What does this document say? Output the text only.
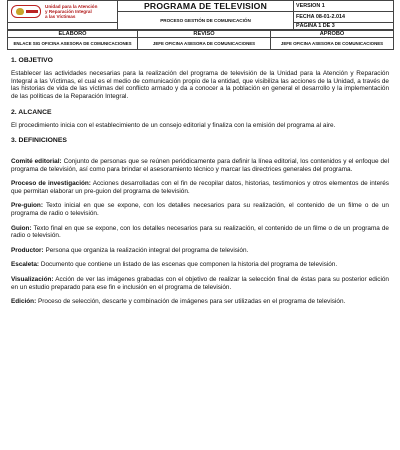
Unidad para la Atención
y Reparación Integral
a las Víctimas	PROGRAMA DE TELEVISION	VERSION 1
	PROCESO GESTIÓN DE COMUNICACIÓN	FECHA 08-01-2.014
		PÁGINA 1 DE 3
ELABORÓ	REVISÓ	APROBÓ
ENLACE SIG OFICINA ASESORA DE COMUNICACIONES	JEFE OFICINA ASESORA DE COMUNICACIONES	JEFE OFICINA ASESORA DE COMUNICACIONES
1. OBJETIVO

Establecer las actividades necesarias para la realización del programa de televisión de la Unidad para la Atención y Reparación Integral a las Víctimas, el cual es el medio de comunicación propio de la entidad, que visibiliza las acciones de la Unidad, a través de las historias de vida de las víctimas del conflicto armado y da a conocer a la población en general el desarrollo y la implementación de las políticas de la Reparación Integral.

2. ALCANCE

El procedimiento inicia con el establecimiento de un consejo editorial y finaliza con la emisión del programa al aire.

3. DEFINICIONES

Comité editorial: Conjunto de personas que se reúnen periódicamente para definir la línea editorial, los contenidos y el enfoque del programa de televisión, así como para brindar el asesoramiento técnico y marcar las directrices generales del programa.

Proceso de investigación: Acciones desarrolladas con el fin de recopilar datos, historias, testimonios y otros elementos de interés que permitan elaborar un pre-guion del programa de televisión.

Pre-guion: Texto inicial en que se expone, con los detalles necesarios para su realización, el contenido de un filme o de un programa de radio o televisión.

Guion: Texto final en que se expone, con los detalles necesarios para su realización, el contenido de un filme o de un programa de radio o televisión.

Productor: Persona que organiza la realización integral del programa de televisión.

Escaleta: Documento que contiene un listado de las escenas que componen la historia del programa de televisión.

Visualización: Acción de ver las imágenes grabadas con el objetivo de realizar la selección final de éstas para su posterior edición en un estudio preparado para ese fin e inclusión en el programa de televisión.

Edición: Proceso de selección, descarte y combinación de imágenes para ser utilizadas en el programa de televisión.
